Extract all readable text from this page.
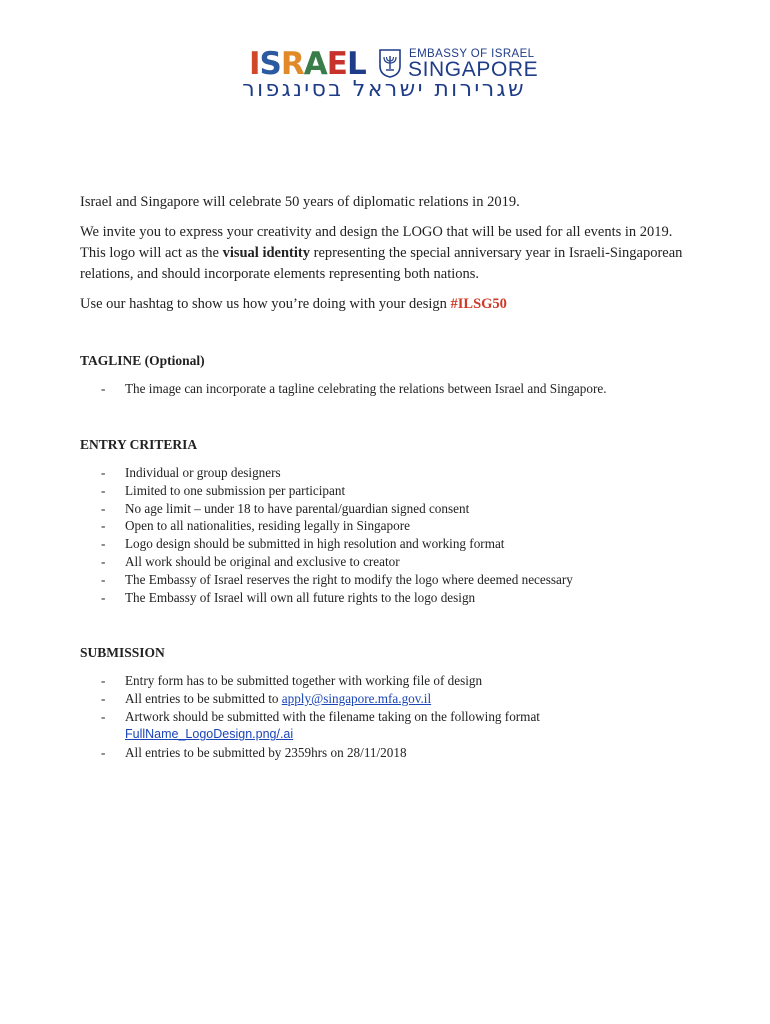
I S R A E L	EMBASSY OF ISRAEL
SINGAPORE
שגרירות ישראל בסינגפור

Israel and Singapore will celebrate 50 years of diplomatic relations in 2019.

We invite you to express your creativity and design the LOGO that will be used for all events in 2019. This logo will act as the visual identity representing the special anniversary year in Israeli-Singaporean relations, and should incorporate elements representing both nations.

Use our hashtag to show us how you’re doing with your design #ILSG50

TAGLINE (Optional)
- The image can incorporate a tagline celebrating the relations between Israel and Singapore.
ENTRY CRITERIA
- Individual or group designers
- Limited to one submission per participant
- No age limit – under 18 to have parental/guardian signed consent
- Open to all nationalities, residing legally in Singapore
- Logo design should be submitted in high resolution and working format
- All work should be original and exclusive to creator
- The Embassy of Israel reserves the right to modify the logo where deemed necessary
- The Embassy of Israel will own all future rights to the logo design
SUBMISSION
- Entry form has to be submitted together with working file of design
- All entries to be submitted to apply@singapore.mfa.gov.il
- Artwork should be submitted with the filename taking on the following format
FullName_LogoDesign.png/.ai
- All entries to be submitted by 2359hrs on 28/11/2018
